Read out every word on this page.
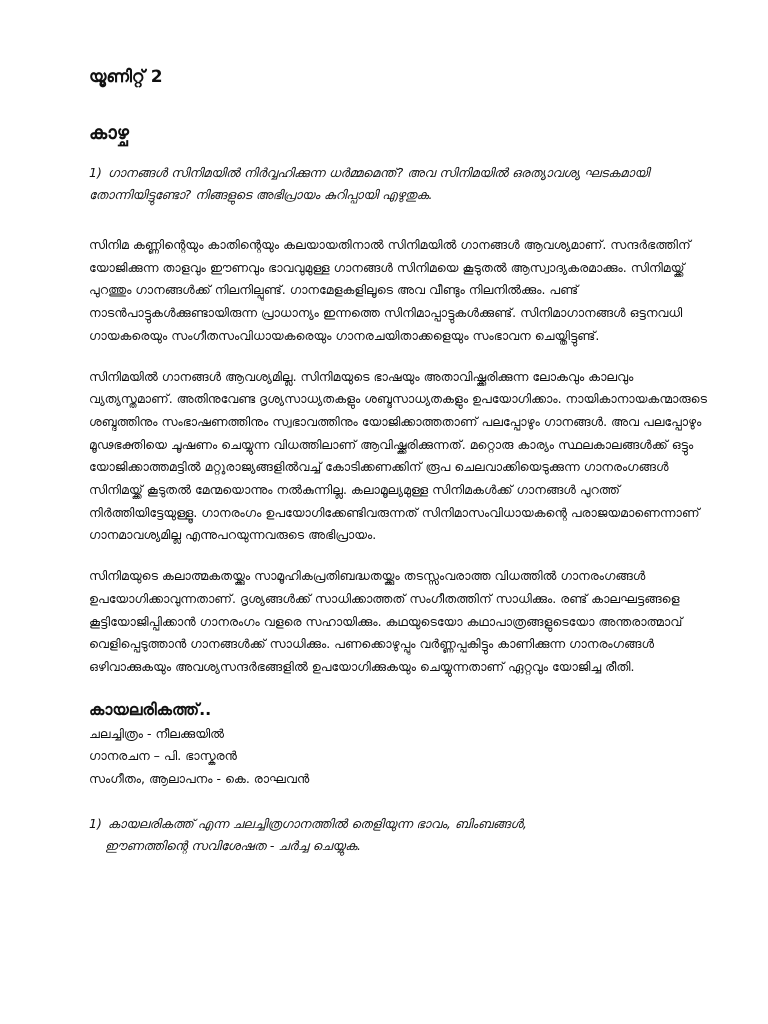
യൂണിറ്റ് 2
കാഴ്ച

1) ഗാനങ്ങൾ സിനിമയിൽ നിർവ്വഹിക്കുന്ന ധർമ്മമെന്ത്? അവ സിനിമയിൽ ഒരത്യാവശ്യ ഘടകമായി തോന്നിയിട്ടുണ്ടോ? നിങ്ങളുടെ അഭിപ്രായം കുറിപ്പായി എഴുതുക.

സിനിമ കണ്ണിന്റെയും കാതിന്റെയും കലയായതിനാൽ സിനിമയിൽ ഗാനങ്ങൾ ആവശ്യമാണ്. സന്ദർഭത്തിന് യോജിക്കുന്ന താളവും ഈണവും ഭാവവുമുള്ള ഗാനങ്ങൾ സിനിമയെ കൂടുതൽ ആസ്വാദ്യകരമാക്കും. സിനിമയ്ക്ക് പുറത്തും ഗാനങ്ങൾക്ക് നിലനില്പുണ്ട്. ഗാനമേളകളിലൂടെ അവ വീണ്ടും നിലനിൽക്കും. പണ്ട് നാടൻപാട്ടുകൾക്കുണ്ടായിരുന്ന പ്രാധാന്യം ഇന്നത്തെ സിനിമാപ്പാട്ടുകൾക്കുണ്ട്. സിനിമാഗാനങ്ങൾ ഒട്ടനവധി ഗായകരെയും സംഗീതസംവിധായകരെയും ഗാനരചയിതാക്കളെയും സംഭാവന ചെയ്തിട്ടുണ്ട്.

സിനിമയിൽ ഗാനങ്ങൾ ആവശ്യമില്ല. സിനിമയുടെ ഭാഷയും അതാവിഷ്ക്കരിക്കുന്ന ലോകവും കാലവും വ്യത്യസ്തമാണ്. അതിനുവേണ്ട ദൃശ്യസാധ്യതകളും ശബ്ദസാധ്യതകളും ഉപയോഗിക്കാം. നായികാനായകന്മാരുടെ ശബ്ദത്തിനും സംഭാഷണത്തിനും സ്വഭാവത്തിനും യോജിക്കാത്തതാണ് പലപ്പോഴും ഗാനങ്ങൾ. അവ പലപ്പോഴും മൂഢഭക്തിയെ ചൂഷണം ചെയ്യുന്ന വിധത്തിലാണ് ആവിഷ്ക്കരിക്കുന്നത്. മറ്റൊരു കാര്യം സ്ഥലകാലങ്ങൾക്ക് ഒട്ടും യോജിക്കാത്തമട്ടിൽ മറ്റുരാജ്യങ്ങളിൽവച്ച് കോടിക്കണക്കിന് രൂപ ചെലവാക്കിയെടുക്കുന്ന ഗാനരംഗങ്ങൾ സിനിമയ്ക്ക് കൂടുതൽ മേന്മയൊന്നും നൽകുന്നില്ല. കലാമൂല്യമുള്ള സിനിമകൾക്ക് ഗാനങ്ങൾ പുറത്ത് നിർത്തിയിട്ടേയുള്ളൂ. ഗാനരംഗം ഉപയോഗിക്കേണ്ടിവരുന്നത് സിനിമാസംവിധായകന്റെ പരാജയമാണെന്നാണ് ഗാനമാവശ്യമില്ല എന്നുപറയുന്നവരുടെ അഭിപ്രായം.

സിനിമയുടെ കലാത്മകതയ്ക്കും സാമൂഹികപ്രതിബദ്ധതയ്ക്കും തടസ്സംവരാത്ത വിധത്തിൽ ഗാനരംഗങ്ങൾ ഉപയോഗിക്കാവുന്നതാണ്. ദൃശ്യങ്ങൾക്ക് സാധിക്കാത്തത് സംഗീതത്തിന് സാധിക്കും. രണ്ട് കാലഘട്ടങ്ങളെ കൂട്ടിയോജിപ്പിക്കാൻ ഗാനരംഗം വളരെ സഹായിക്കും. കഥയുടെയോ കഥാപാത്രങ്ങളുടെയോ അന്തരാത്മാവ് വെളിപ്പെടുത്താൻ ഗാനങ്ങൾക്ക് സാധിക്കും. പണക്കൊഴുപ്പും വർണ്ണപ്പകിട്ടും കാണിക്കുന്ന ഗാനരംഗങ്ങൾ ഒഴിവാക്കുകയും അവശ്യസന്ദർഭങ്ങളിൽ ഉപയോഗിക്കുകയും ചെയ്യുന്നതാണ് ഏറ്റവും യോജിച്ച രീതി.

കായലരികത്ത്..
ചലച്ചിത്രം - നീലക്കുയിൽ
ഗാനരചന – പി. ഭാസ്കരൻ
സംഗീതം, ആലാപനം - കെ. രാഘവൻ

1) കായലരികത്ത് എന്ന ചലച്ചിത്രഗാനത്തിൽ തെളിയുന്ന ഭാവം, ബിംബങ്ങൾ,
ഈണത്തിന്റെ സവിശേഷത - ചർച്ച ചെയ്യുക.
